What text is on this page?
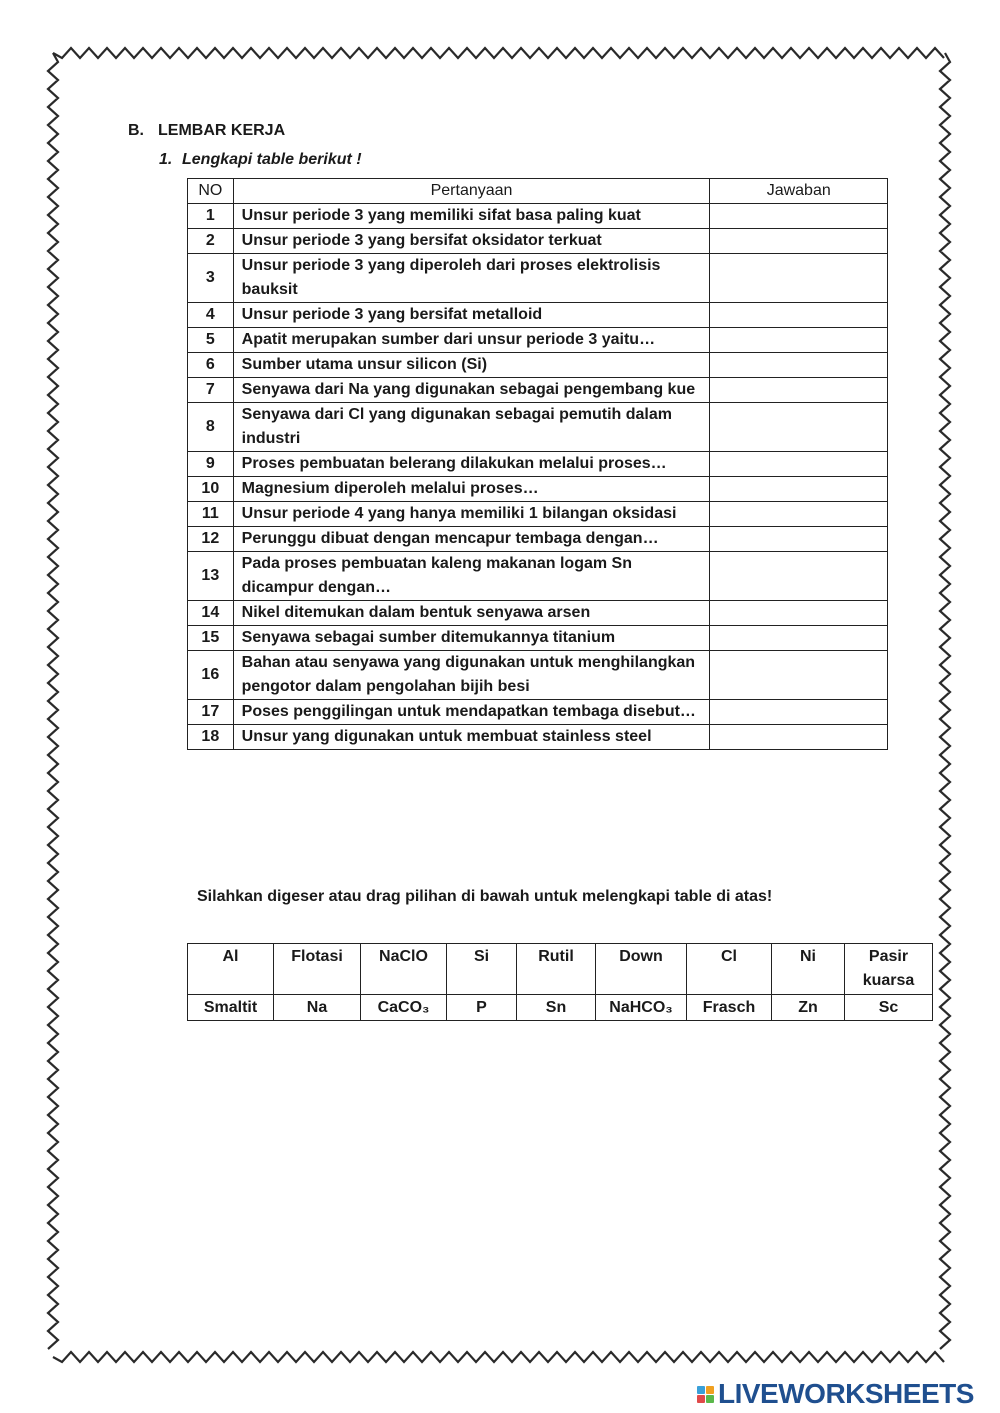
B. LEMBAR KERJA
1. Lengkapi table berikut !
NO	Pertanyaan	Jawaban
1	Unsur periode 3 yang memiliki sifat basa paling kuat	
2	Unsur periode 3 yang bersifat oksidator terkuat	
3	Unsur periode 3 yang diperoleh dari proses elektrolisis bauksit	
4	Unsur periode 3 yang bersifat metalloid	
5	Apatit merupakan sumber dari unsur periode 3 yaitu…	
6	Sumber utama unsur silicon (Si)	
7	Senyawa dari Na yang digunakan sebagai pengembang kue	
8	Senyawa dari Cl yang digunakan sebagai pemutih dalam industri	
9	Proses pembuatan belerang dilakukan melalui proses…	
10	Magnesium diperoleh melalui proses…	
11	Unsur periode 4 yang hanya memiliki 1 bilangan oksidasi	
12	Perunggu dibuat dengan mencapur tembaga dengan…	
13	Pada proses pembuatan kaleng makanan logam Sn dicampur dengan…	
14	Nikel ditemukan dalam bentuk senyawa arsen	
15	Senyawa sebagai sumber ditemukannya titanium	
16	Bahan atau senyawa yang digunakan untuk menghilangkan pengotor dalam pengolahan bijih besi	
17	Poses penggilingan untuk mendapatkan tembaga disebut…	
18	Unsur yang digunakan untuk membuat stainless steel	
Silahkan digeser atau drag pilihan di bawah untuk melengkapi table di atas!
Al	Flotasi	NaClO	Si	Rutil	Down	Cl	Ni	Pasir kuarsa
Smaltit	Na	CaCO₃	P	Sn	NaHCO₃	Frasch	Zn	Sc
LIVEWORKSHEETS
